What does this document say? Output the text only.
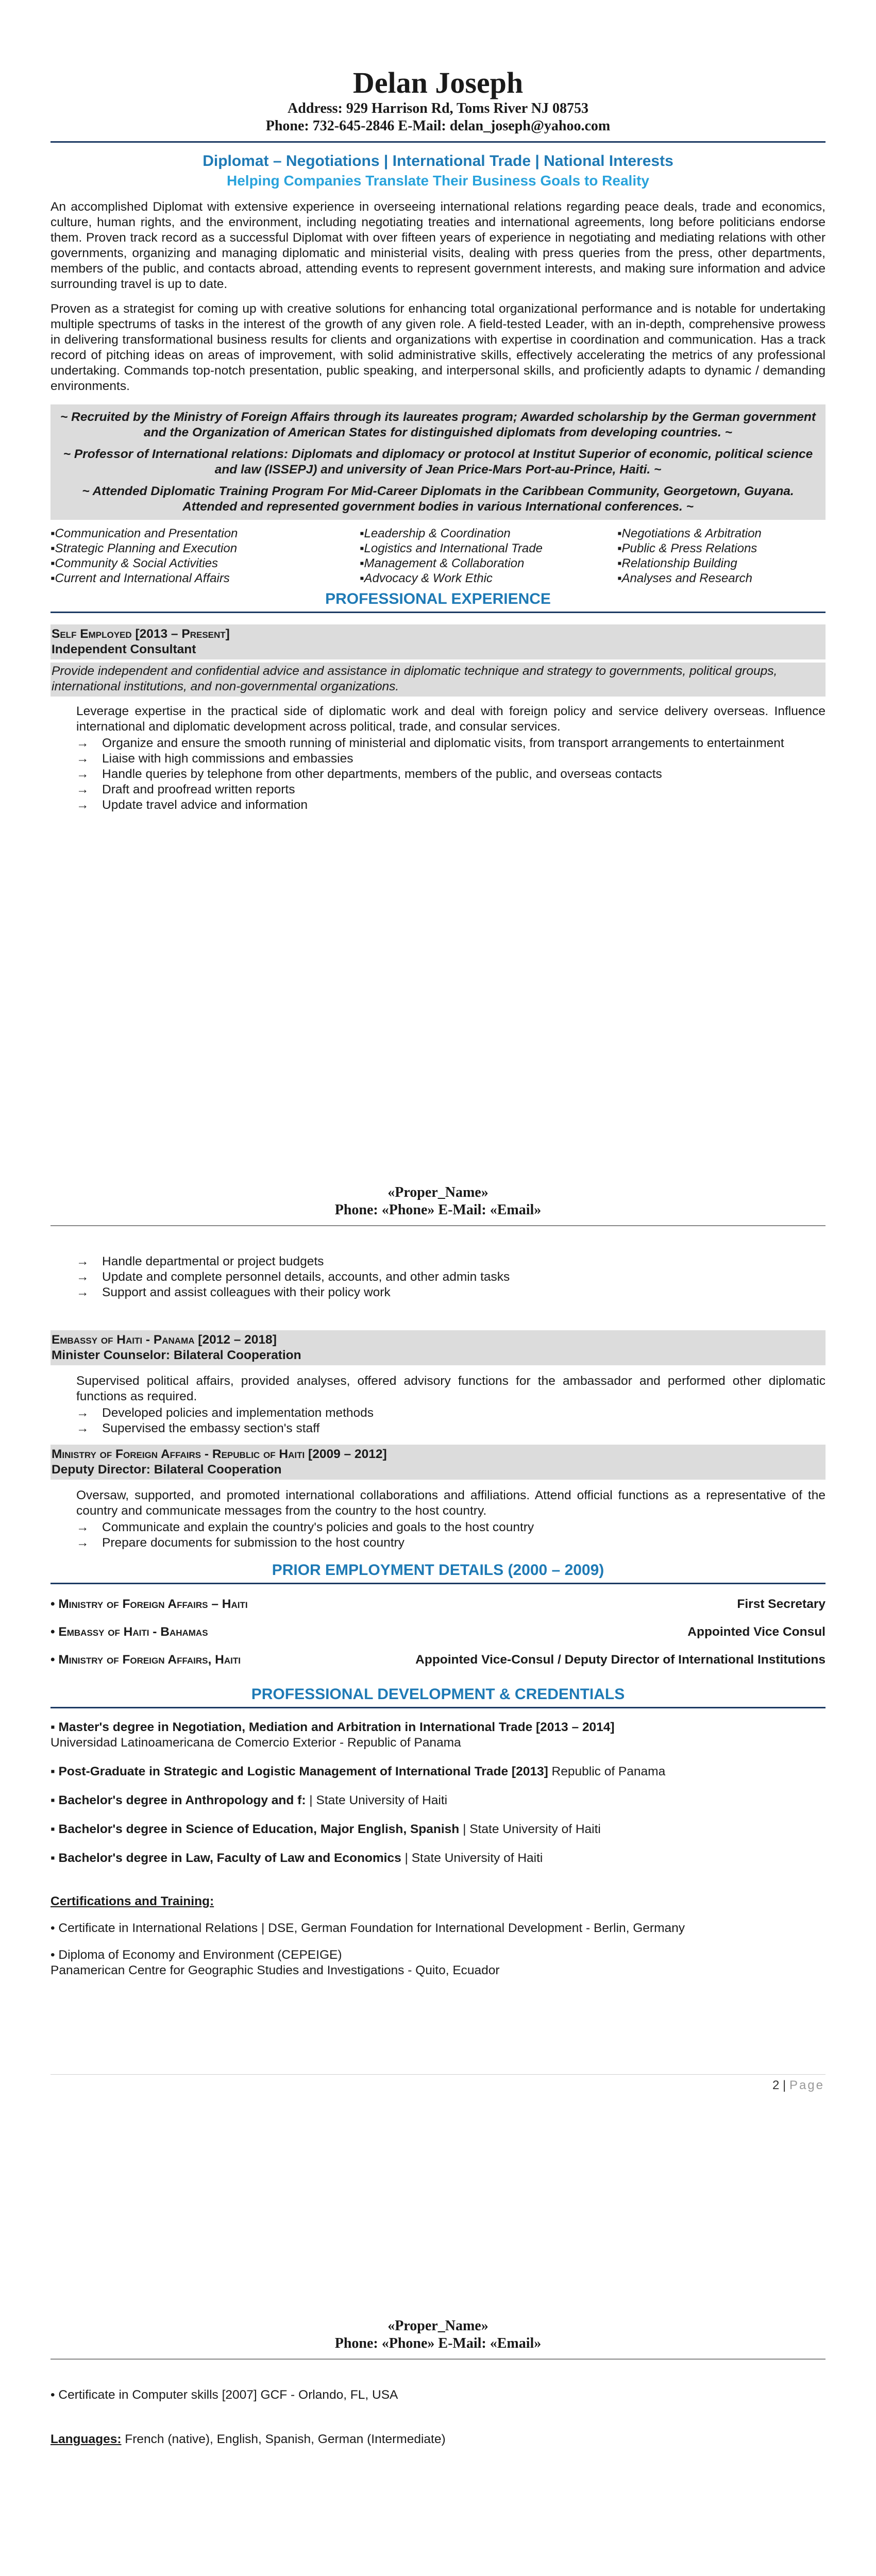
Delan Joseph
Address: 929 Harrison Rd, Toms River NJ 08753
Phone: 732-645-2846 E-Mail: delan_joseph@yahoo.com
Diplomat – Negotiations | International Trade | National Interests
Helping Companies Translate Their Business Goals to Reality

An accomplished Diplomat with extensive experience in overseeing international relations regarding peace deals, trade and economics, culture, human rights, and the environment, including negotiating treaties and international agreements, long before politicians endorse them. Proven track record as a successful Diplomat with over fifteen years of experience in negotiating and mediating relations with other governments, organizing and managing diplomatic and ministerial visits, dealing with press queries from the press, other departments, members of the public, and contacts abroad, attending events to represent government interests, and making sure information and advice surrounding travel is up to date.

Proven as a strategist for coming up with creative solutions for enhancing total organizational performance and is notable for undertaking multiple spectrums of tasks in the interest of the growth of any given role. A field-tested Leader, with an in-depth, comprehensive prowess in delivering transformational business results for clients and organizations with expertise in coordination and communication. Has a track record of pitching ideas on areas of improvement, with solid administrative skills, effectively accelerating the metrics of any professional undertaking. Commands top-notch presentation, public speaking, and interpersonal skills, and proficiently adapts to dynamic / demanding environments.

~ Recruited by the Ministry of Foreign Affairs through its laureates program; Awarded scholarship by the German government and the Organization of American States for distinguished diplomats from developing countries. ~

~ Professor of International relations: Diplomats and diplomacy or protocol at Institut Superior of economic, political science and law (ISSEPJ) and university of Jean Price-Mars Port-au-Prince, Haiti. ~

~ Attended Diplomatic Training Program For Mid-Career Diplomats in the Caribbean Community, Georgetown, Guyana. Attended and represented government bodies in various International conferences. ~

▪ Communication and Presentation
▪ Strategic Planning and Execution
▪ Community & Social Activities
▪ Current and International Affairs
▪ Leadership & Coordination
▪ Logistics and International Trade
▪ Management & Collaboration
▪ Advocacy & Work Ethic
▪ Negotiations & Arbitration
▪ Public & Press Relations
▪ Relationship Building
▪ Analyses and Research
PROFESSIONAL EXPERIENCE
Self Employed [2013 – Present]
Independent Consultant
Provide independent and confidential advice and assistance in diplomatic technique and strategy to governments, political groups, international institutions, and non-governmental organizations.

Leverage expertise in the practical side of diplomatic work and deal with foreign policy and service delivery overseas. Influence international and diplomatic development across political, trade, and consular services.

→ Organize and ensure the smooth running of ministerial and diplomatic visits, from transport arrangements to entertainment
→ Liaise with high commissions and embassies
→ Handle queries by telephone from other departments, members of the public, and overseas contacts
→ Draft and proofread written reports
→ Update travel advice and information
«Proper_Name»
Phone: «Phone» E-Mail: «Email»
→ Handle departmental or project budgets
→ Update and complete personnel details, accounts, and other admin tasks
→ Support and assist colleagues with their policy work
Embassy of Haiti - Panama [2012 – 2018]
Minister Counselor: Bilateral Cooperation

Supervised political affairs, provided analyses, offered advisory functions for the ambassador and performed other diplomatic functions as required.

→ Developed policies and implementation methods
→ Supervised the embassy section's staff
Ministry of Foreign Affairs - Republic of Haiti [2009 – 2012]
Deputy Director: Bilateral Cooperation

Oversaw, supported, and promoted international collaborations and affiliations. Attend official functions as a representative of the country and communicate messages from the country to the host country.

→ Communicate and explain the country's policies and goals to the host country
→ Prepare documents for submission to the host country
PRIOR EMPLOYMENT DETAILS (2000 – 2009)
• Ministry of Foreign Affairs – Haiti	First Secretary
• Embassy of Haiti - Bahamas	Appointed Vice Consul
• Ministry of Foreign Affairs, Haiti	Appointed Vice-Consul / Deputy Director of International Institutions
PROFESSIONAL DEVELOPMENT & CREDENTIALS
▪ Master's degree in Negotiation, Mediation and Arbitration in International Trade [2013 – 2014]
Universidad Latinoamericana de Comercio Exterior - Republic of Panama
▪ Post-Graduate in Strategic and Logistic Management of International Trade [2013] Republic of Panama
▪ Bachelor's degree in Anthropology and f: | State University of Haiti
▪ Bachelor's degree in Science of Education, Major English, Spanish | State University of Haiti
▪ Bachelor's degree in Law, Faculty of Law and Economics | State University of Haiti
Certifications and Training:
• Certificate in International Relations | DSE, German Foundation for International Development - Berlin, Germany
• Diploma of Economy and Environment (CEPEIGE)
Panamerican Centre for Geographic Studies and Investigations - Quito, Ecuador
2 | Page
«Proper_Name»
Phone: «Phone» E-Mail: «Email»
• Certificate in Computer skills [2007] GCF - Orlando, FL, USA
Languages: French (native), English, Spanish, German (Intermediate)
